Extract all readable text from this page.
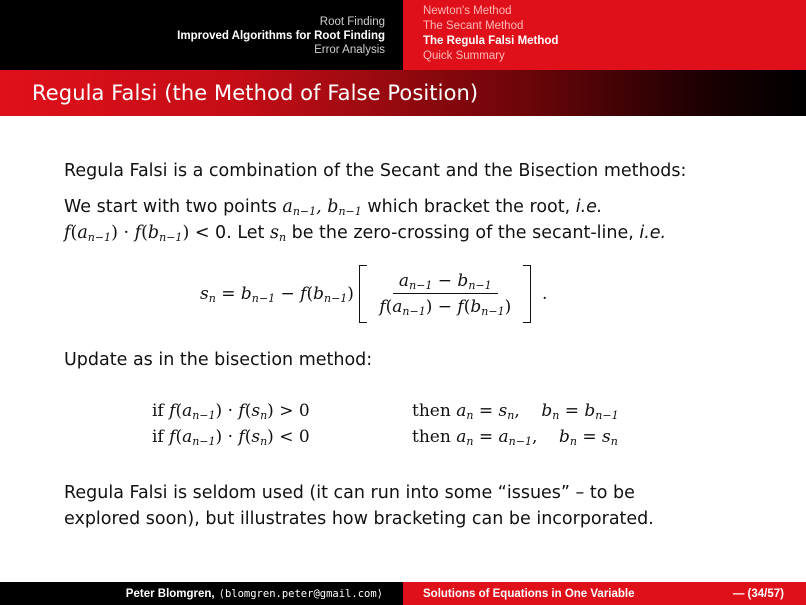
Root Finding
Improved Algorithms for Root Finding
Error Analysis
Newton's Method
The Secant Method
The Regula Falsi Method
Quick Summary
Regula Falsi (the Method of False Position)
Regula Falsi is a combination of the Secant and the Bisection methods:
We start with two points $a_{n-1}$, $b_{n-1}$ which bracket the root, i.e.
$f(a_{n-1}) \cdot f(b_{n-1}) < 0$. Let $s_n$ be the zero-crossing of the secant-line, i.e.
$s_n$
=
$b_{n-1}$
−
$f(b_{n-1})$
$\frac{a_{n-1} - b_{n-1}}{f(a_{n-1}) - f(b_{n-1})}$
.
Update as in the bisection method:
if $f(a_{n-1}) \cdot f(s_n) > 0$	then $a_n = s_n$,    $b_n = b_{n-1}$
if $f(a_{n-1}) \cdot f(s_n) < 0$	then $a_n = a_{n-1}$,    $b_n = s_n$
Regula Falsi is seldom used (it can run into some “issues” – to be
explored soon), but illustrates how bracketing can be incorporated.
Peter Blomgren, ⟨blomgren.peter@gmail.com⟩	Solutions of Equations in One Variable	— (34/57)
